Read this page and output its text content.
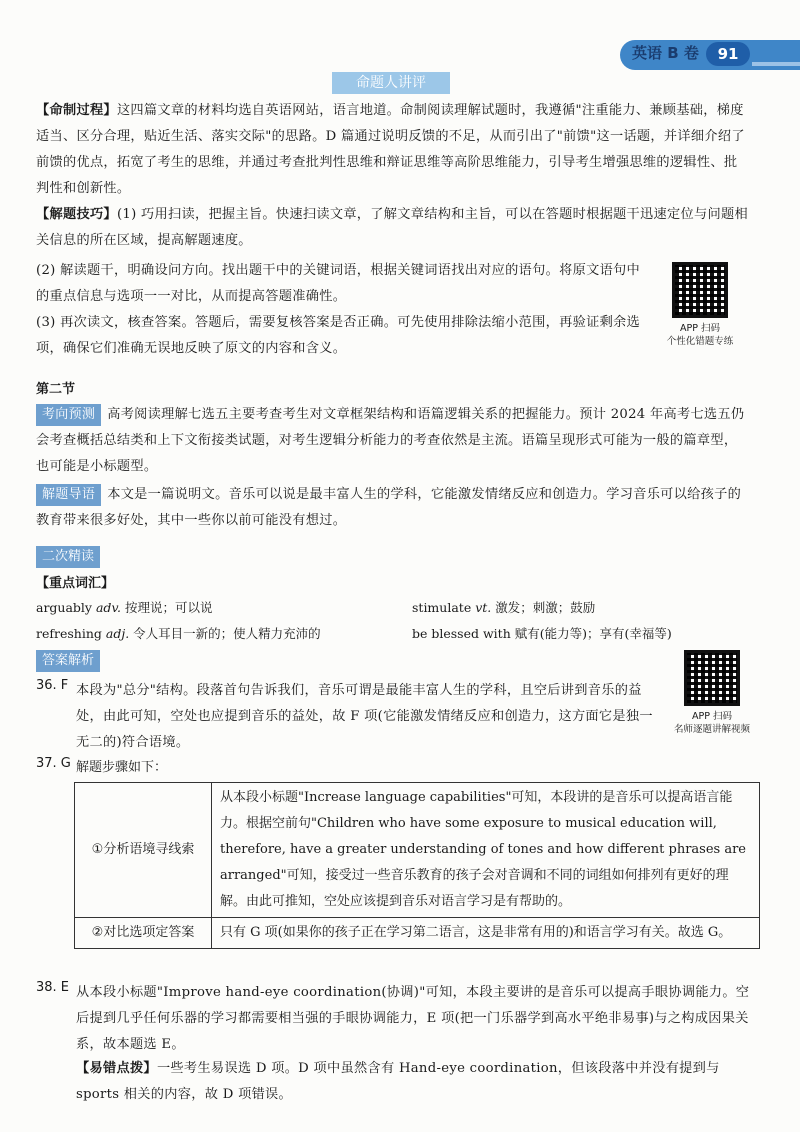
英语 B 卷	91
命题人讲评
【命制过程】这四篇文章的材料均选自英语网站，语言地道。命制阅读理解试题时，我遵循"注重能力、兼顾基础，梯度适当、区分合理，贴近生活、落实交际"的思路。D 篇通过说明反馈的不足，从而引出了"前馈"这一话题，并详细介绍了前馈的优点，拓宽了考生的思维，并通过考查批判性思维和辩证思维等高阶思维能力，引导考生增强思维的逻辑性、批判性和创新性。
【解题技巧】(1) 巧用扫读，把握主旨。快速扫读文章，了解文章结构和主旨，可以在答题时根据题干迅速定位与问题相关信息的所在区域，提高解题速度。
(2) 解读题干，明确设问方向。找出题干中的关键词语，根据关键词语找出对应的语句。将原文语句中的重点信息与选项一一对比，从而提高答题准确性。
(3) 再次读文，核查答案。答题后，需要复核答案是否正确。可先使用排除法缩小范围，再验证剩余选项，确保它们准确无误地反映了原文的内容和含义。
APP 扫码
个性化错题专练
第二节
考向预测 高考阅读理解七选五主要考查考生对文章框架结构和语篇逻辑关系的把握能力。预计 2024 年高考七选五仍会考查概括总结类和上下文衔接类试题，对考生逻辑分析能力的考查依然是主流。语篇呈现形式可能为一般的篇章型，也可能是小标题型。
解题导语 本文是一篇说明文。音乐可以说是最丰富人生的学科，它能激发情绪反应和创造力。学习音乐可以给孩子的教育带来很多好处，其中一些你以前可能没有想过。
二次精读
【重点词汇】
arguably adv. 按理说；可以说	stimulate vt. 激发；刺激；鼓励
refreshing adj. 令人耳目一新的；使人精力充沛的	be blessed with 赋有(能力等)；享有(幸福等)
答案解析
36. F 本段为"总分"结构。段落首句告诉我们，音乐可谓是最能丰富人生的学科，且空后讲到音乐的益处，由此可知，空处也应提到音乐的益处，故 F 项(它能激发情绪反应和创造力，这方面它是独一无二的)符合语境。
APP 扫码
名师逐题讲解视频
37. G 解题步骤如下：
①分析语境寻线索	从本段小标题"Increase language capabilities"可知，本段讲的是音乐可以提高语言能力。根据空前句"Children who have some exposure to musical education will, therefore, have a greater understanding of tones and how different phrases are arranged"可知，接受过一些音乐教育的孩子会对音调和不同的词组如何排列有更好的理解。由此可推知，空处应该提到音乐对语言学习是有帮助的。
②对比选项定答案	只有 G 项(如果你的孩子正在学习第二语言，这是非常有用的)和语言学习有关。故选 G。
38. E 从本段小标题"Improve hand-eye coordination(协调)"可知，本段主要讲的是音乐可以提高手眼协调能力。空后提到几乎任何乐器的学习都需要相当强的手眼协调能力，E 项(把一门乐器学到高水平绝非易事)与之构成因果关系，故本题选 E。
【易错点拨】一些考生易误选 D 项。D 项中虽然含有 Hand-eye coordination，但该段落中并没有提到与 sports 相关的内容，故 D 项错误。
